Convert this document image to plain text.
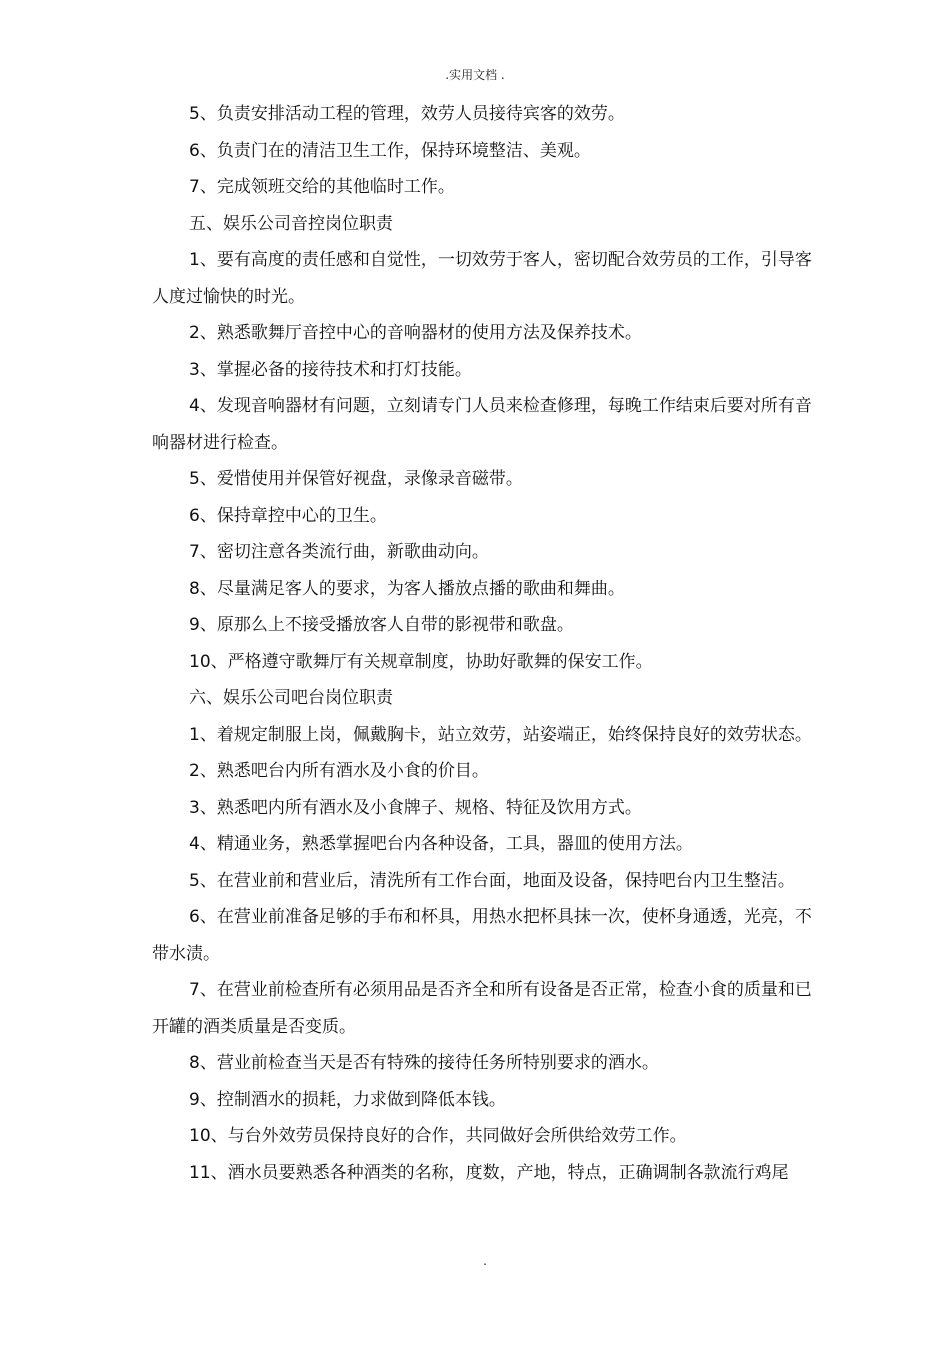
.实用文档 .

5、负责安排活动工程的管理，效劳人员接待宾客的效劳。

6、负责门在的清洁卫生工作，保持环境整洁、美观。

7、完成领班交给的其他临时工作。

五、娱乐公司音控岗位职责

1、要有高度的责任感和自觉性，一切效劳于客人，密切配合效劳员的工作，引导客人度过愉快的时光。

2、熟悉歌舞厅音控中心的音响器材的使用方法及保养技术。

3、掌握必备的接待技术和打灯技能。

4、发现音响器材有问题，立刻请专门人员来检查修理，每晚工作结束后要对所有音响器材进行检查。

5、爱惜使用并保管好视盘，录像录音磁带。

6、保持章控中心的卫生。

7、密切注意各类流行曲，新歌曲动向。

8、尽量满足客人的要求，为客人播放点播的歌曲和舞曲。

9、原那么上不接受播放客人自带的影视带和歌盘。

10、严格遵守歌舞厅有关规章制度，协助好歌舞的保安工作。

六、娱乐公司吧台岗位职责

1、着规定制服上岗，佩戴胸卡，站立效劳，站姿端正，始终保持良好的效劳状态。

2、熟悉吧台内所有酒水及小食的价目。

3、熟悉吧内所有酒水及小食牌子、规格、特征及饮用方式。

4、精通业务，熟悉掌握吧台内各种设备，工具，器皿的使用方法。

5、在营业前和营业后，清洗所有工作台面，地面及设备，保持吧台内卫生整洁。

6、在营业前准备足够的手布和杯具，用热水把杯具抹一次，使杯身通透，光亮，不带水渍。

7、在营业前检查所有必须用品是否齐全和所有设备是否正常，检查小食的质量和已开罐的酒类质量是否变质。

8、营业前检查当天是否有特殊的接待任务所特别要求的酒水。

9、控制酒水的损耗，力求做到降低本钱。

10、与台外效劳员保持良好的合作，共同做好会所供给效劳工作。

11、酒水员要熟悉各种酒类的名称，度数，产地，特点，正确调制各款流行鸡尾

.
